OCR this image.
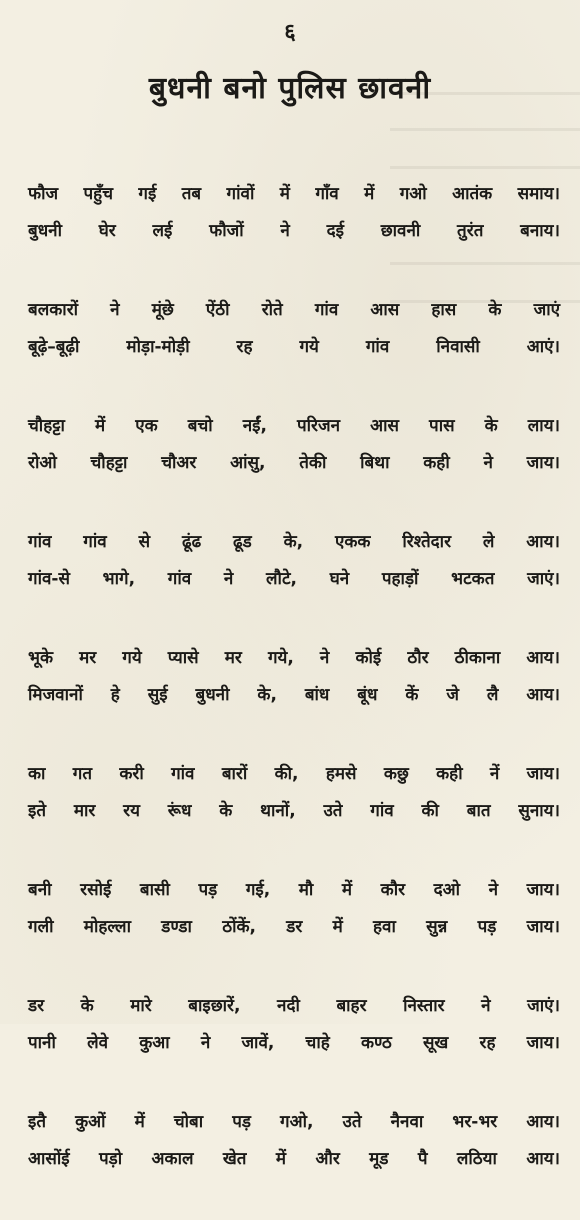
६
बुधनी बनो पुलिस छावनी
फौज पहुँच गई तब गांवों में गाँव में गओ आतंक समाय।
बुधनी घेर लई फौजों ने दई छावनी तुरंत बनाय।
बलकारों ने मूंछे ऐंठी रोते गांव आस हास के जाएं
बूढ़े–बूढ़ी मोड़ा-मोड़ी रह गये गांव निवासी आएं।
चौहट्टा में एक बचो नईं, परिजन आस पास के लाय।
रोओ चौहट्टा चौअर आंसु, तेकी बिथा कही ने जाय।
गांव गांव से ढूंढ ढूड के, एकक रिश्तेदार ले आय।
गांव-से भागे, गांव ने लौटे, घने पहाड़ों भटकत जाएं।
भूके मर गये प्यासे मर गये, ने कोई ठौर ठीकाना आय।
मिजवानों हे सुई बुधनी के, बांध बूंध कें जे लै आय।
का गत करी गांव बारों की, हमसे कछु कही नें जाय।
इते मार रय रूंध के थानों, उते गांव की बात सुनाय।
बनी रसोई बासी पड़ गई, मौ में कौर दओ ने जाय।
गली मोहल्ला डण्डा ठोंकें, डर में हवा सुन्न पड़ जाय।
डर के मारे बाइछारें, नदी बाहर निस्तार ने जाएं।
पानी लेवे कुआ ने जावें, चाहे कण्ठ सूख रह जाय।
इतै कुओं में चोबा पड़ गओ, उते नैनवा भर-भर आय।
आसोंई पड़ो अकाल खेत में और मूड पै लठिया आय।
